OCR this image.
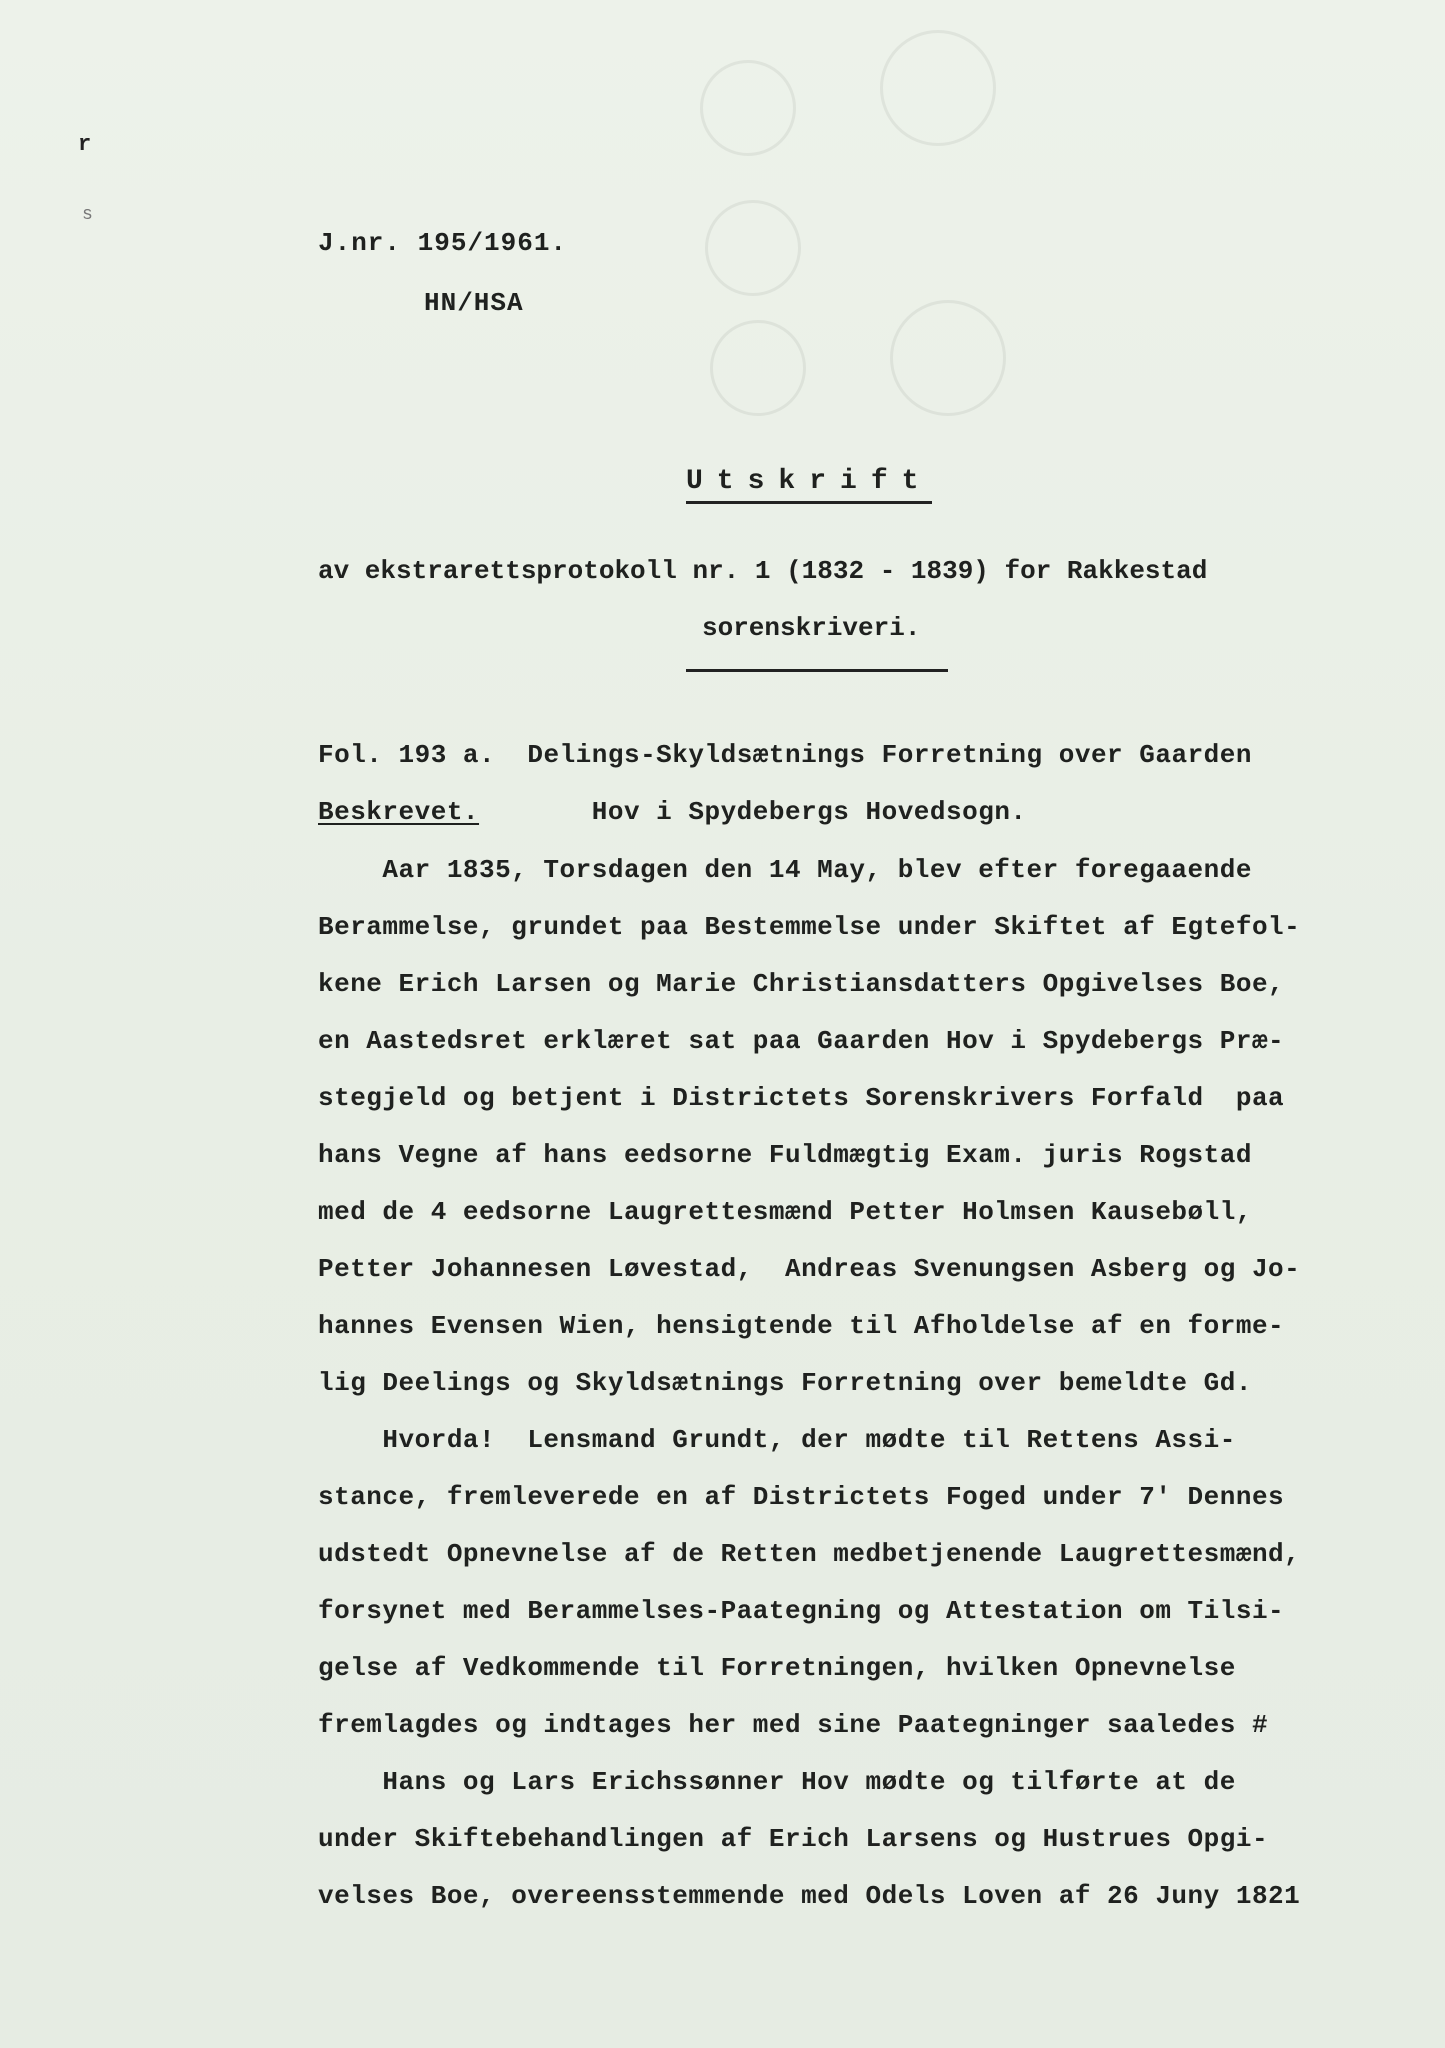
r
s
J.nr. 195/1961.
HN/HSA
Utskrift
av ekstrarettsprotokoll nr. 1 (1832 - 1839) for Rakkestad
sorenskriveri.
Fol. 193 a. Delings-Skyldsætnings Forretning over Gaarden
Beskrevet.	Hov i Spydebergs Hovedsogn.
Aar 1835, Torsdagen den 14 May, blev efter foregaaende
Berammelse, grundet paa Bestemmelse under Skiftet af Egtefol-
kene Erich Larsen og Marie Christiansdatters Opgivelses Boe,
en Aastedsret erklæret sat paa Gaarden Hov i Spydebergs Præ-
stegjeld og betjent i Districtets Sorenskrivers Forfald  paa
hans Vegne af hans eedsorne Fuldmægtig Exam. juris Rogstad
med de 4 eedsorne Laugrettesmænd Petter Holmsen Kausebøll,
Petter Johannesen Løvestad,  Andreas Svenungsen Asberg og Jo-
hannes Evensen Wien, hensigtende til Afholdelse af en forme-
lig Deelings og Skyldsætnings Forretning over bemeldte Gd.
Hvorda!  Lensmand Grundt, der mødte til Rettens Assi-
stance, fremleverede en af Districtets Foged under 7' Dennes
udstedt Opnevnelse af de Retten medbetjenende Laugrettesmænd,
forsynet med Berammelses-Paategning og Attestation om Tilsi-
gelse af Vedkommende til Forretningen, hvilken Opnevnelse
fremlagdes og indtages her med sine Paategninger saaledes #
Hans og Lars Erichssønner Hov mødte og tilførte at de
under Skiftebehandlingen af Erich Larsens og Hustrues Opgi-
velses Boe, overeensstemmende med Odels Loven af 26 Juny 1821
